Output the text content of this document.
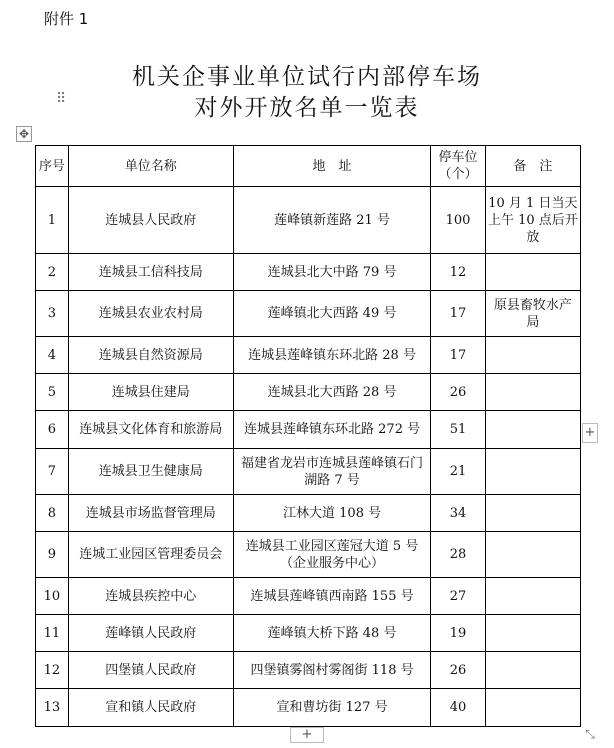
附件 1
机关企事业单位试行内部停车场
⠿	对外开放名单一览表
✥
序号	单位名称	地　址	停车位（个）	备　注
1	连城县人民政府	莲峰镇新莲路 21 号	100	10 月 1 日当天上午 10 点后开放
2	连城县工信科技局	连城县北大中路 79 号	12	
3	连城县农业农村局	莲峰镇北大西路 49 号	17	原县畜牧水产局
4	连城县自然资源局	连城县莲峰镇东环北路 28 号	17	
5	连城县住建局	连城县北大西路 28 号	26	
6	连城县文化体育和旅游局	连城县莲峰镇东环北路 272 号	51	
7	连城县卫生健康局	福建省龙岩市连城县莲峰镇石门湖路 7 号	21	
8	连城县市场监督管理局	江林大道 108 号	34	
9	连城工业园区管理委员会	连城县工业园区莲冠大道 5 号（企业服务中心）	28	
10	连城县疾控中心	连城县莲峰镇西南路 155 号	27	
11	莲峰镇人民政府	莲峰镇大桥下路 48 号	19	
12	四堡镇人民政府	四堡镇雾阁村雾阁街 118 号	26	
13	宣和镇人民政府	宣和曹坊街 127 号	40	
+
+	⤡
